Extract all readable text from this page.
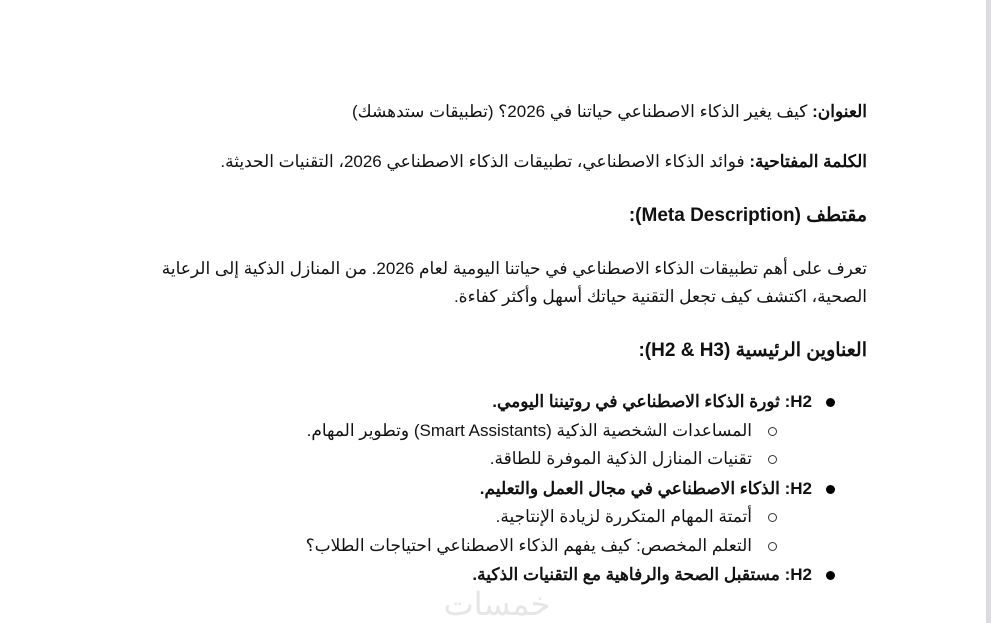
العنوان: كيف يغير الذكاء الاصطناعي حياتنا في 2026؟ (تطبيقات ستدهشك)
الكلمة المفتاحية: فوائد الذكاء الاصطناعي، تطبيقات الذكاء الاصطناعي 2026، التقنيات الحديثة.
مقتطف (Meta Description):
تعرف على أهم تطبيقات الذكاء الاصطناعي في حياتنا اليومية لعام 2026. من المنازل الذكية إلى الرعاية الصحية، اكتشف كيف تجعل التقنية حياتك أسهل وأكثر كفاءة.
العناوين الرئيسية (H2 & H3):
H2: ثورة الذكاء الاصطناعي في روتيننا اليومي.
المساعدات الشخصية الذكية (Smart Assistants) وتطوير المهام.
تقنيات المنازل الذكية الموفرة للطاقة.
H2: الذكاء الاصطناعي في مجال العمل والتعليم.
أتمتة المهام المتكررة لزيادة الإنتاجية.
التعلم المخصص: كيف يفهم الذكاء الاصطناعي احتياجات الطلاب؟
H2: مستقبل الصحة والرفاهية مع التقنيات الذكية.
خمسات
